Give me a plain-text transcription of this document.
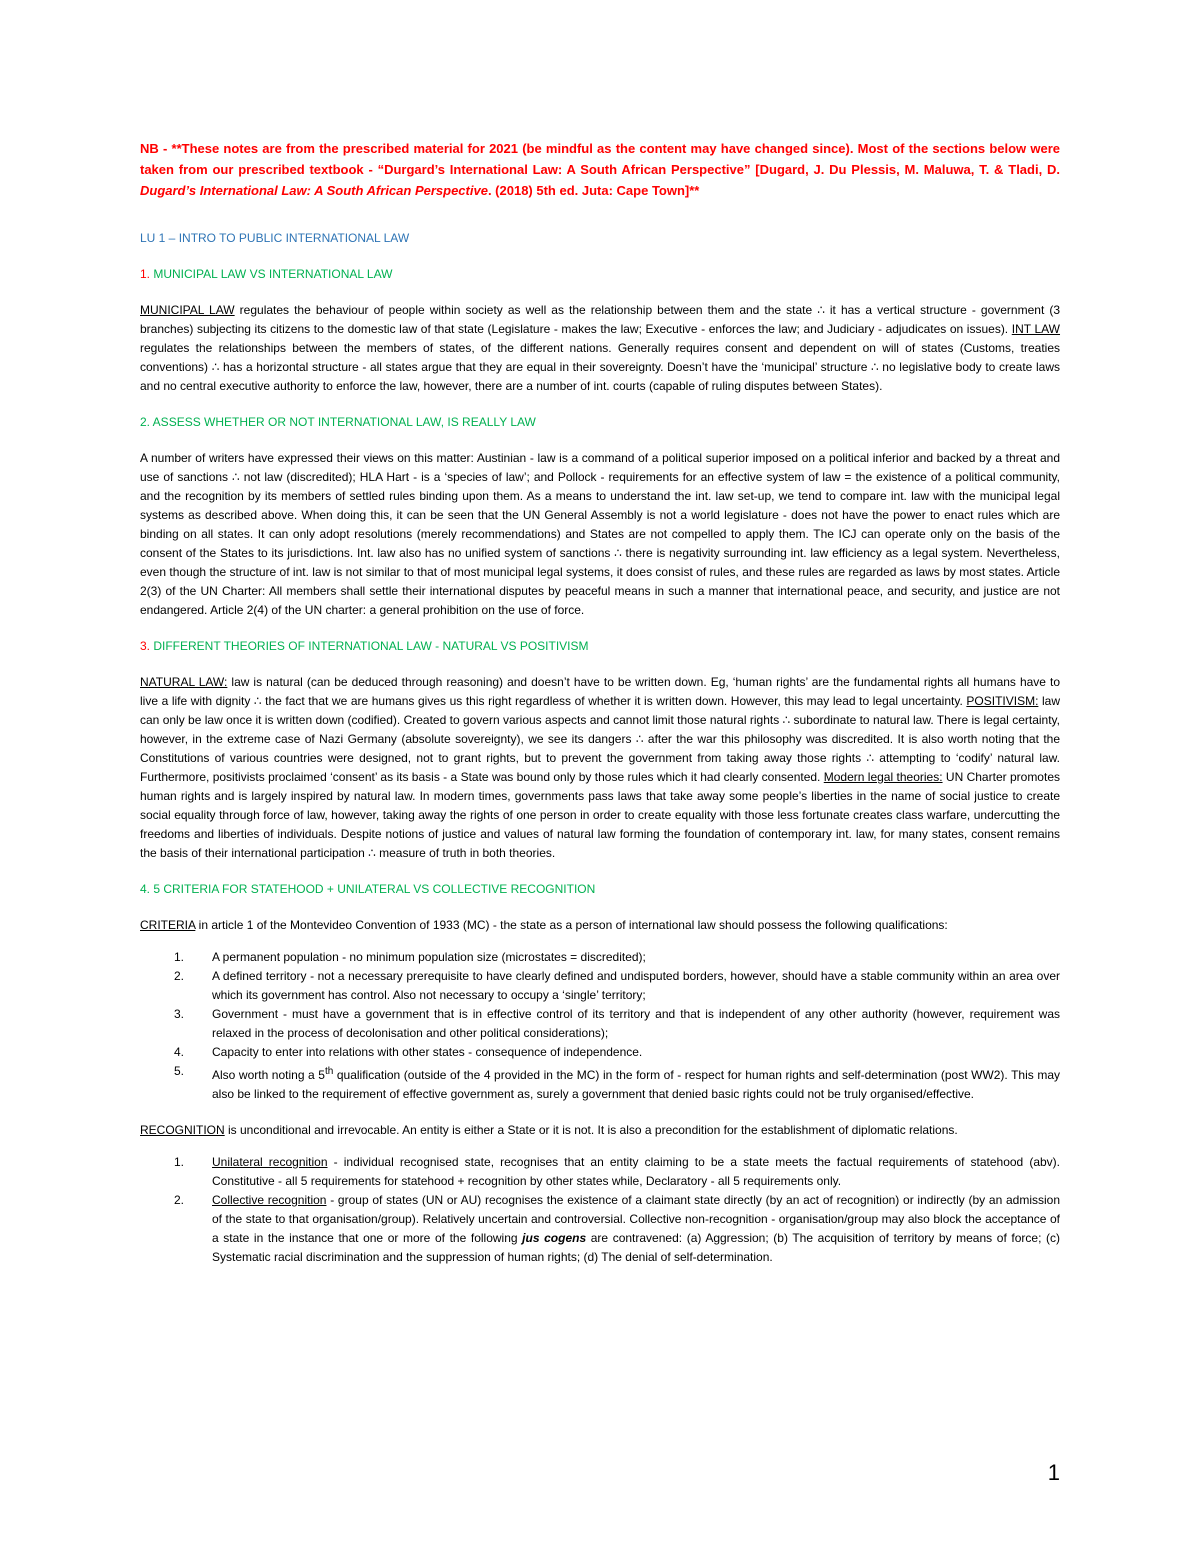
NB - **These notes are from the prescribed material for 2021 (be mindful as the content may have changed since). Most of the sections below were taken from our prescribed textbook - “Durgard’s International Law: A South African Perspective” [Dugard, J. Du Plessis, M. Maluwa, T. & Tladi, D. Dugard’s International Law: A South African Perspective. (2018) 5th ed. Juta: Cape Town]**

LU 1 – INTRO TO PUBLIC INTERNATIONAL LAW

1. MUNICIPAL LAW VS INTERNATIONAL LAW

MUNICIPAL LAW regulates the behaviour of people within society as well as the relationship between them and the state ∴ it has a vertical structure - government (3 branches) subjecting its citizens to the domestic law of that state (Legislature - makes the law; Executive - enforces the law; and Judiciary - adjudicates on issues). INT LAW regulates the relationships between the members of states, of the different nations. Generally requires consent and dependent on will of states (Customs, treaties conventions) ∴ has a horizontal structure - all states argue that they are equal in their sovereignty. Doesn’t have the ‘municipal’ structure ∴ no legislative body to create laws and no central executive authority to enforce the law, however, there are a number of int. courts (capable of ruling disputes between States).

2. ASSESS WHETHER OR NOT INTERNATIONAL LAW, IS REALLY LAW

A number of writers have expressed their views on this matter: Austinian - law is a command of a political superior imposed on a political inferior and backed by a threat and use of sanctions ∴ not law (discredited); HLA Hart - is a ‘species of law’; and Pollock - requirements for an effective system of law = the existence of a political community, and the recognition by its members of settled rules binding upon them. As a means to understand the int. law set-up, we tend to compare int. law with the municipal legal systems as described above. When doing this, it can be seen that the UN General Assembly is not a world legislature - does not have the power to enact rules which are binding on all states. It can only adopt resolutions (merely recommendations) and States are not compelled to apply them. The ICJ can operate only on the basis of the consent of the States to its jurisdictions. Int. law also has no unified system of sanctions ∴ there is negativity surrounding int. law efficiency as a legal system. Nevertheless, even though the structure of int. law is not similar to that of most municipal legal systems, it does consist of rules, and these rules are regarded as laws by most states. Article 2(3) of the UN Charter: All members shall settle their international disputes by peaceful means in such a manner that international peace, and security, and justice are not endangered. Article 2(4) of the UN charter: a general prohibition on the use of force.

3. DIFFERENT THEORIES OF INTERNATIONAL LAW - NATURAL VS POSITIVISM

NATURAL LAW: law is natural (can be deduced through reasoning) and doesn’t have to be written down. Eg, ‘human rights’ are the fundamental rights all humans have to live a life with dignity ∴ the fact that we are humans gives us this right regardless of whether it is written down. However, this may lead to legal uncertainty. POSITIVISM: law can only be law once it is written down (codified). Created to govern various aspects and cannot limit those natural rights ∴ subordinate to natural law. There is legal certainty, however, in the extreme case of Nazi Germany (absolute sovereignty), we see its dangers ∴ after the war this philosophy was discredited. It is also worth noting that the Constitutions of various countries were designed, not to grant rights, but to prevent the government from taking away those rights ∴ attempting to ‘codify’ natural law. Furthermore, positivists proclaimed ‘consent’ as its basis - a State was bound only by those rules which it had clearly consented. Modern legal theories: UN Charter promotes human rights and is largely inspired by natural law. In modern times, governments pass laws that take away some people’s liberties in the name of social justice to create social equality through force of law, however, taking away the rights of one person in order to create equality with those less fortunate creates class warfare, undercutting the freedoms and liberties of individuals. Despite notions of justice and values of natural law forming the foundation of contemporary int. law, for many states, consent remains the basis of their international participation ∴ measure of truth in both theories.

4. 5 CRITERIA FOR STATEHOOD + UNILATERAL VS COLLECTIVE RECOGNITION

CRITERIA in article 1 of the Montevideo Convention of 1933 (MC) - the state as a person of international law should possess the following qualifications:

1. A permanent population - no minimum population size (microstates = discredited);
2. A defined territory - not a necessary prerequisite to have clearly defined and undisputed borders, however, should have a stable community within an area over which its government has control. Also not necessary to occupy a ‘single’ territory;
3. Government - must have a government that is in effective control of its territory and that is independent of any other authority (however, requirement was relaxed in the process of decolonisation and other political considerations);
4. Capacity to enter into relations with other states - consequence of independence.
5. Also worth noting a 5th qualification (outside of the 4 provided in the MC) in the form of - respect for human rights and self-determination (post WW2). This may also be linked to the requirement of effective government as, surely a government that denied basic rights could not be truly organised/effective.

RECOGNITION is unconditional and irrevocable. An entity is either a State or it is not. It is also a precondition for the establishment of diplomatic relations.

1. Unilateral recognition - individual recognised state, recognises that an entity claiming to be a state meets the factual requirements of statehood (abv). Constitutive - all 5 requirements for statehood + recognition by other states while, Declaratory - all 5 requirements only.
2. Collective recognition - group of states (UN or AU) recognises the existence of a claimant state directly (by an act of recognition) or indirectly (by an admission of the state to that organisation/group). Relatively uncertain and controversial. Collective non-recognition - organisation/group may also block the acceptance of a state in the instance that one or more of the following jus cogens are contravened: (a) Aggression; (b) The acquisition of territory by means of force; (c) Systematic racial discrimination and the suppression of human rights; (d) The denial of self-determination.
1
